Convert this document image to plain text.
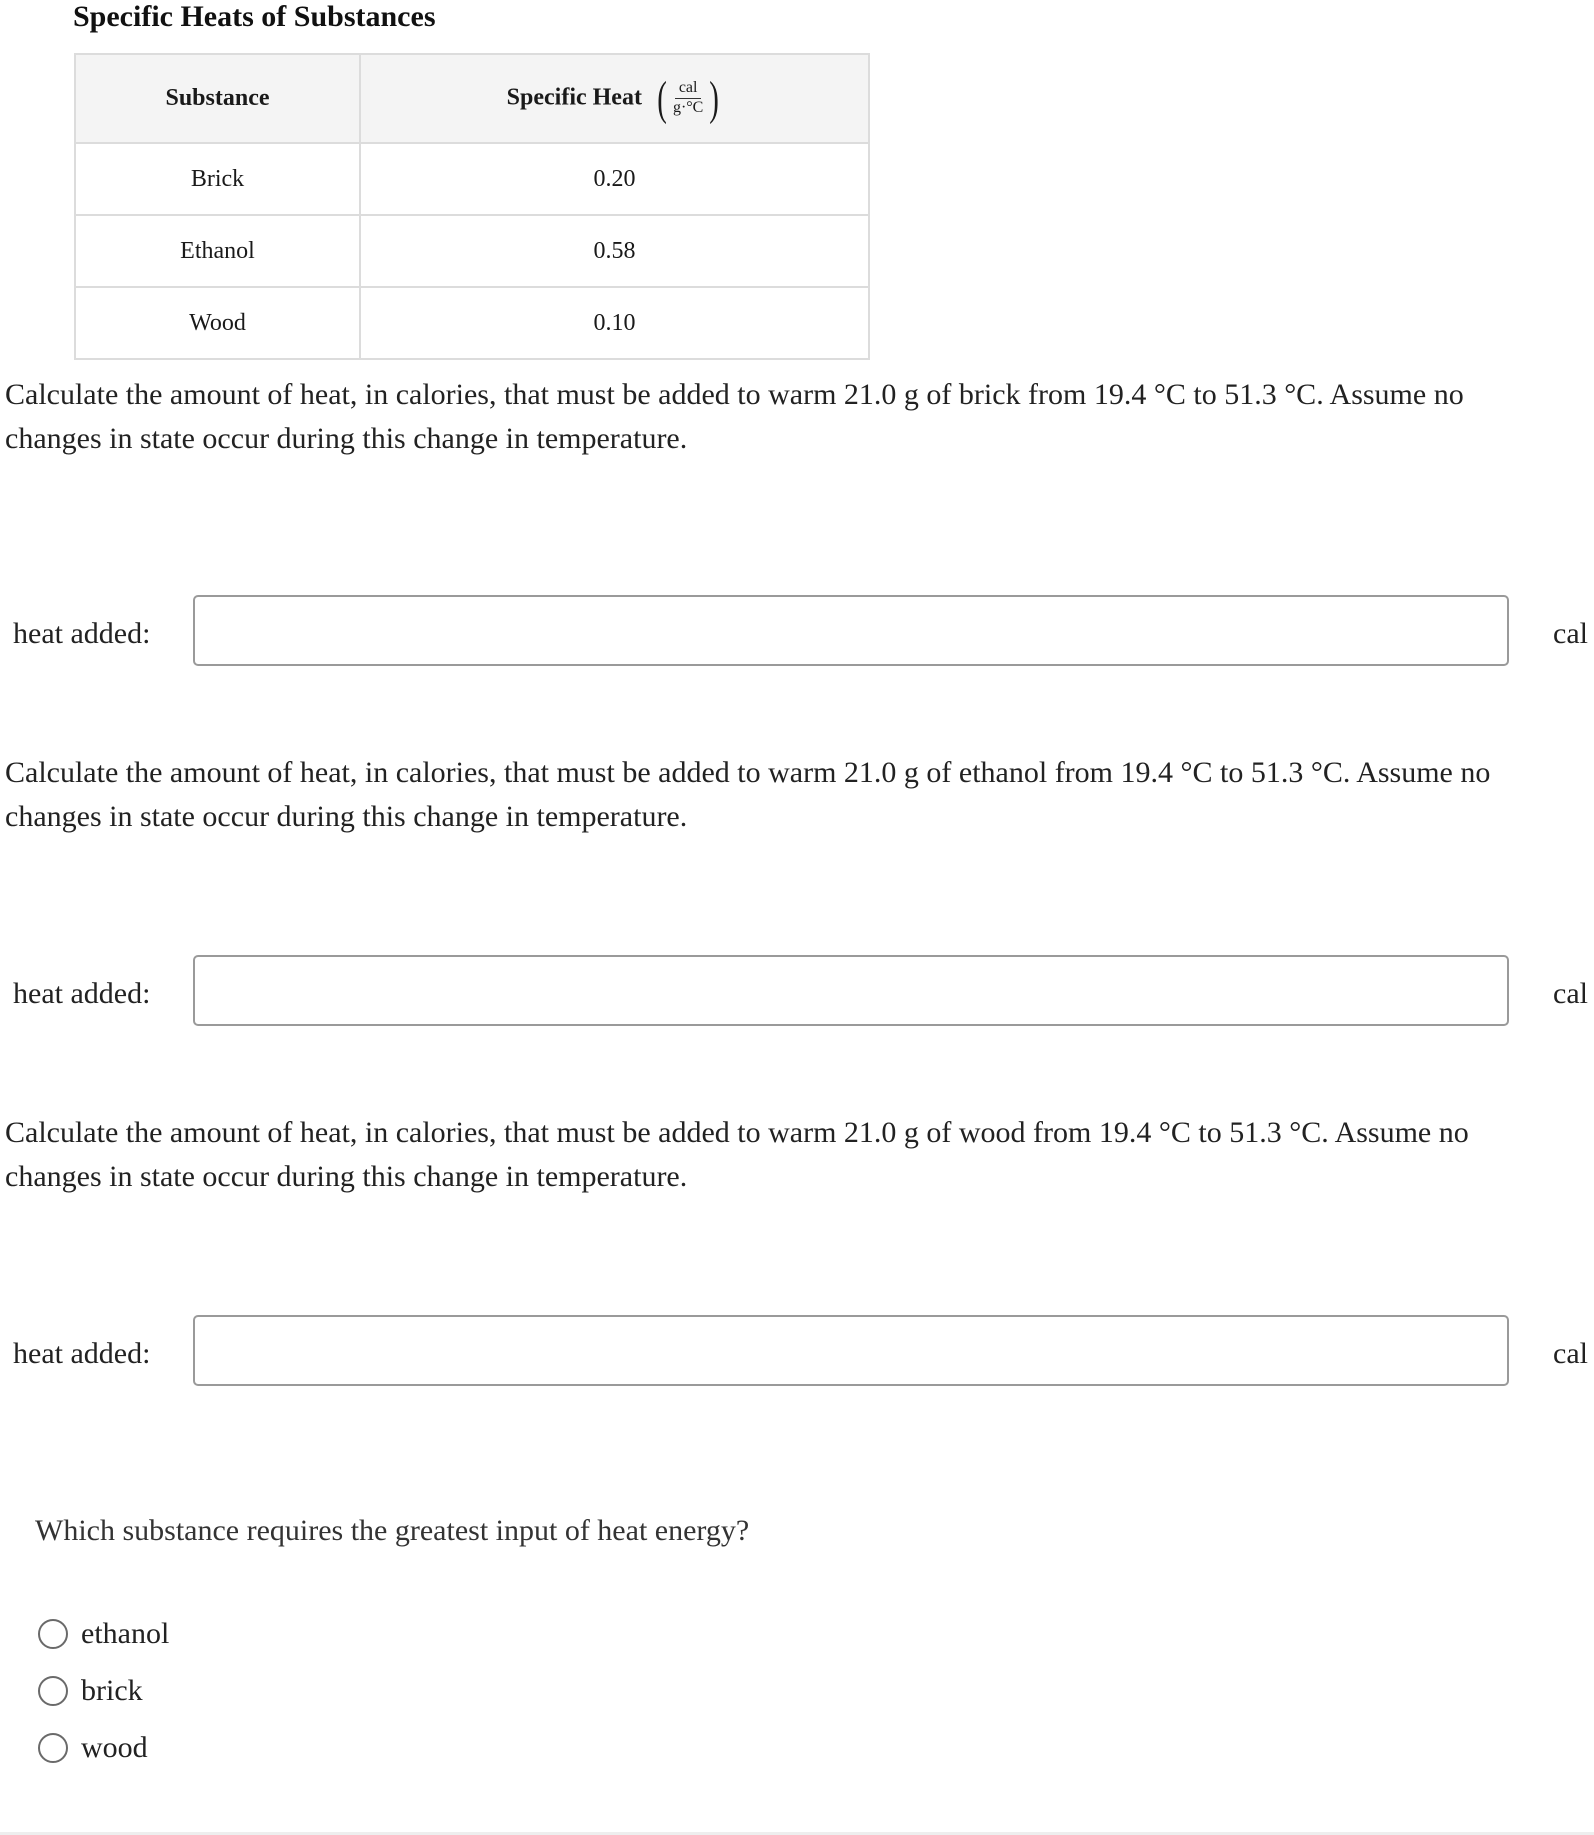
Specific Heats of Substances
Substance	Specific Heat ( $\frac{\text{cal}}{g\cdot^\circ C}$ )

Brick	0.20
Ethanol	0.58
Wood	0.10
Calculate the amount of heat, in calories, that must be added to warm 21.0 g of brick from 19.4 °C to 51.3 °C. Assume no changes in state occur during this change in temperature.
heat added:	cal
Calculate the amount of heat, in calories, that must be added to warm 21.0 g of ethanol from 19.4 °C to 51.3 °C. Assume no changes in state occur during this change in temperature.
heat added:	cal
Calculate the amount of heat, in calories, that must be added to warm 21.0 g of wood from 19.4 °C to 51.3 °C. Assume no changes in state occur during this change in temperature.
heat added:	cal
Which substance requires the greatest input of heat energy?
ethanol
brick
wood
